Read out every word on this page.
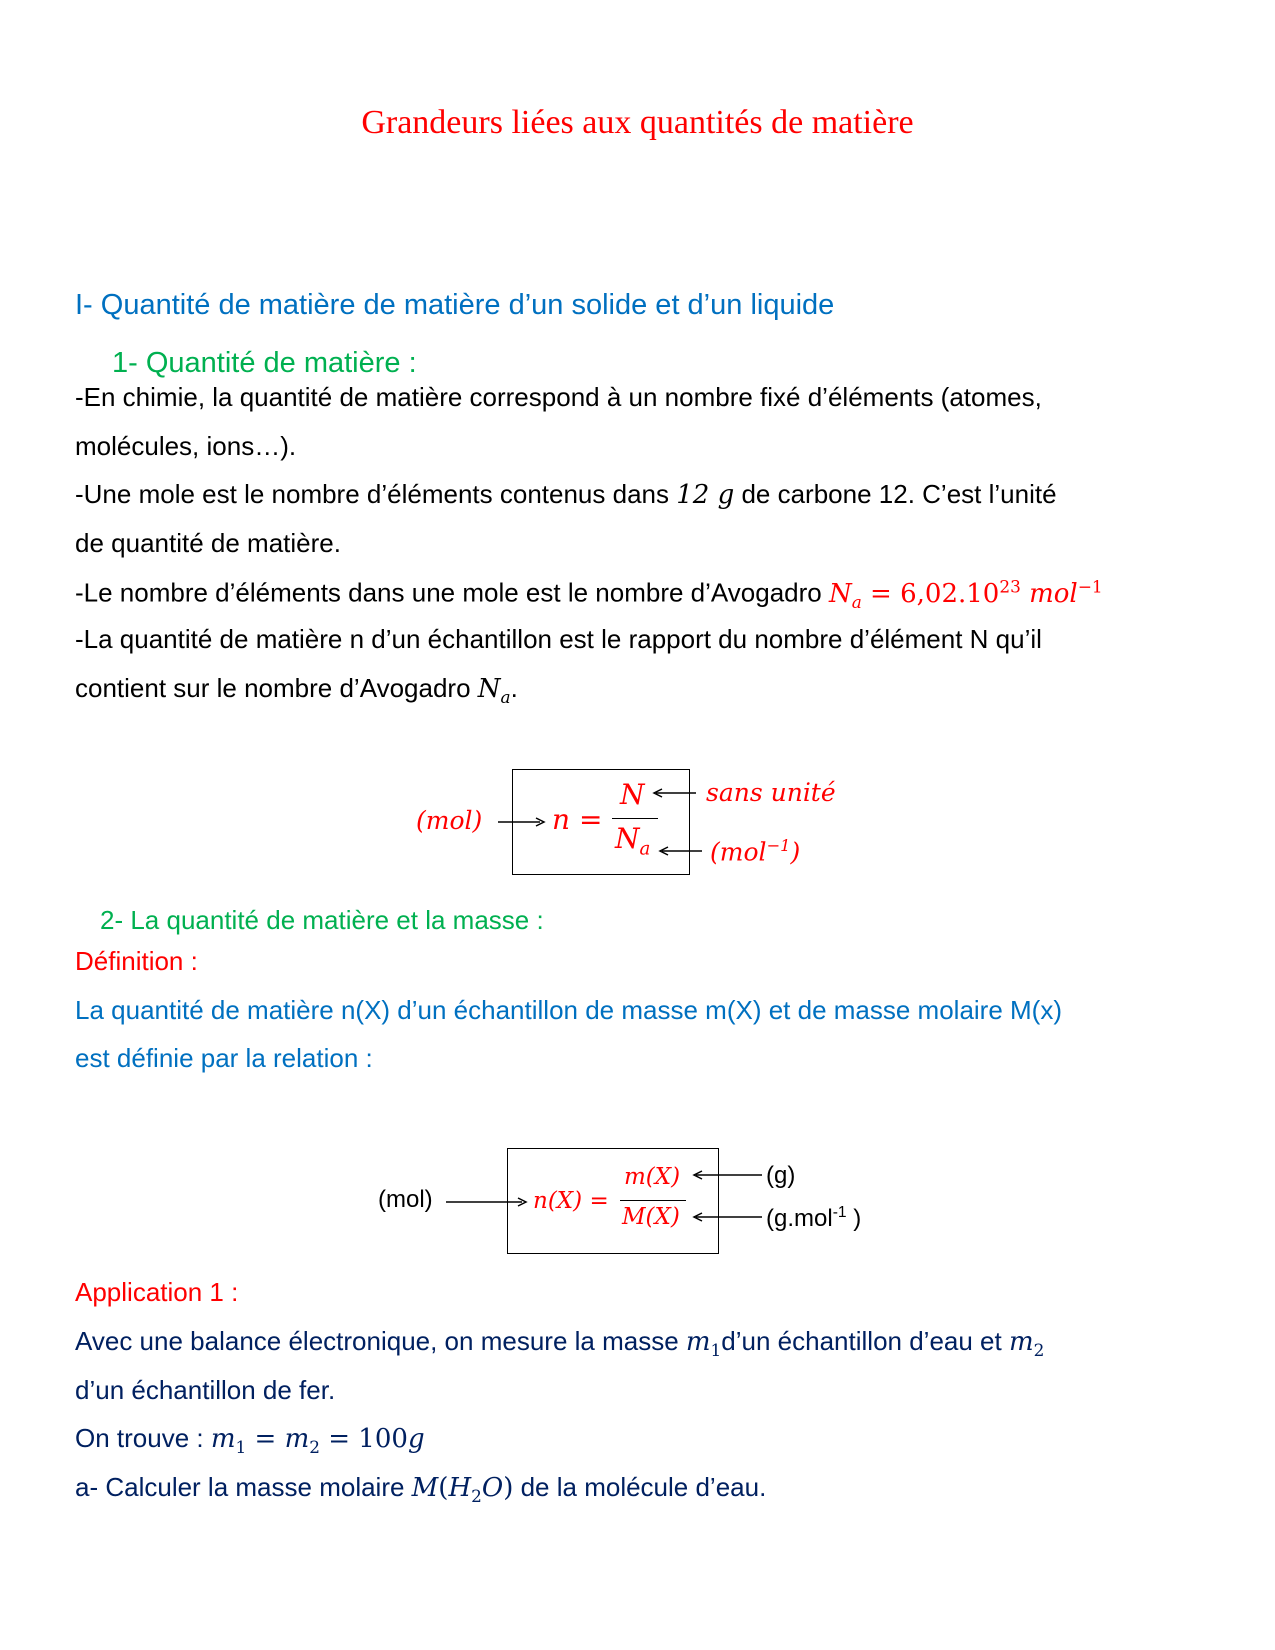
Grandeurs liées aux quantités de matière
I- Quantité de matière de matière d’un solide et d’un liquide
1- Quantité de matière :
-En chimie, la quantité de matière correspond à un nombre fixé d’éléments (atomes,
molécules, ions…).
-Une mole est le nombre d’éléments contenus dans 12 g de carbone 12. C’est l’unité
de quantité de matière.
-Le nombre d’éléments dans une mole est le nombre d’Avogadro $N_a = 6,02.10^{23}$ mol$^{-1}$
-La quantité de matière n d’un échantillon est le rapport du nombre d’élément N qu’il
contient sur le nombre d’Avogadro $N_a$.
(mol) n =
N
$N_a$
sans unité
(mol$^{-1}$)
2- La quantité de matière et la masse :
Définition :
La quantité de matière n(X) d’un échantillon de masse m(X) et de masse molaire M(x)
est définie par la relation :
(mol)	n(X) =
m(X)
M(X)
(g)
(g.mol$^{-1}$ )
Application 1 :
Avec une balance électronique, on mesure la masse $m_1d’un$ échantillon d’eau et $m_2$
d’un échantillon de fer.
On trouve : $m_1 = m_2 = 100g$
a- Calculer la masse molaire $M(H_2O)$ de la molécule d’eau.
